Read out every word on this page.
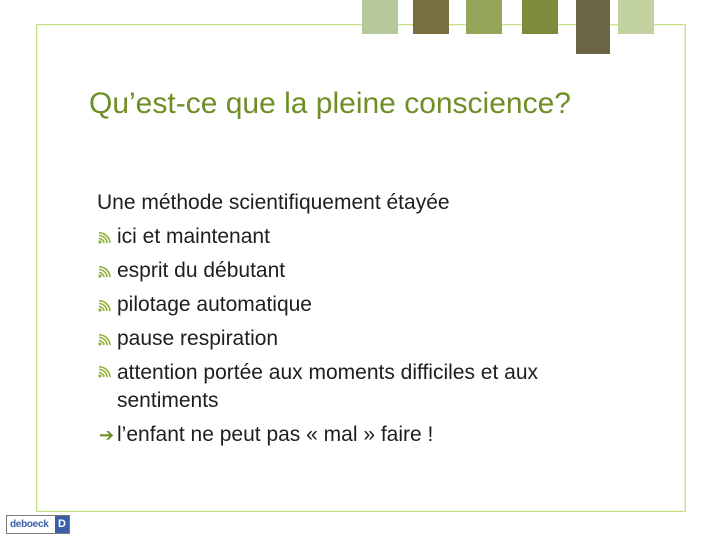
Qu’est-ce que la pleine conscience?
Une méthode scientifiquement étayée
ici et maintenant
esprit du débutant
pilotage automatique
pause respiration
attention portée aux moments difficiles et aux sentiments
➔ l’enfant ne peut pas « mal » faire !
deboeck D
